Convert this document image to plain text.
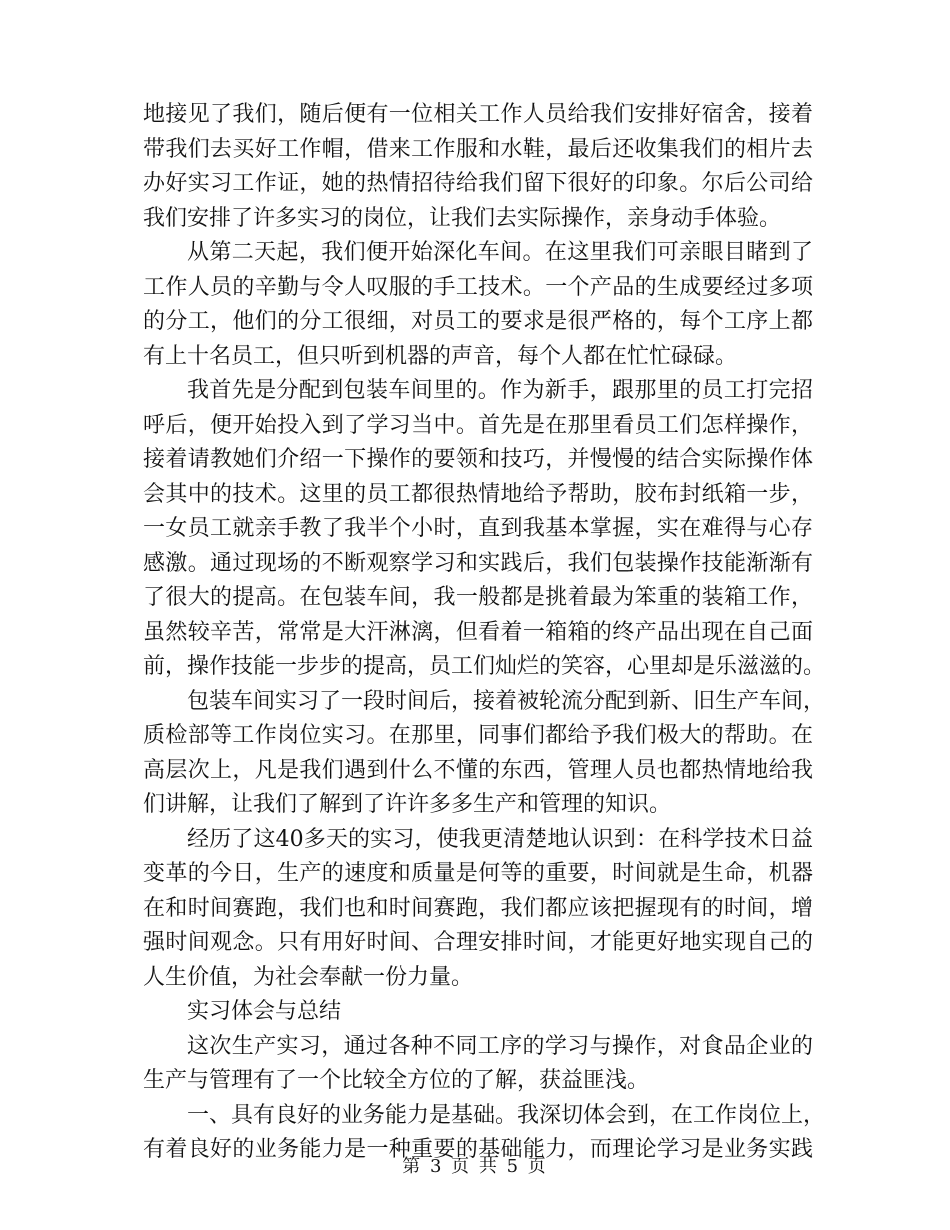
地接见了我们，随后便有一位相关工作人员给我们安排好宿舍，接着
带我们去买好工作帽，借来工作服和水鞋，最后还收集我们的相片去
办好实习工作证，她的热情招待给我们留下很好的印象。尔后公司给
我们安排了许多实习的岗位，让我们去实际操作，亲身动手体验。
从第二天起，我们便开始深化车间。在这里我们可亲眼目睹到了
工作人员的辛勤与令人叹服的手工技术。一个产品的生成要经过多项
的分工，他们的分工很细，对员工的要求是很严格的，每个工序上都
有上十名员工，但只听到机器的声音，每个人都在忙忙碌碌。
我首先是分配到包装车间里的。作为新手，跟那里的员工打完招
呼后，便开始投入到了学习当中。首先是在那里看员工们怎样操作，
接着请教她们介绍一下操作的要领和技巧，并慢慢的结合实际操作体
会其中的技术。这里的员工都很热情地给予帮助，胶布封纸箱一步，
一女员工就亲手教了我半个小时，直到我基本掌握，实在难得与心存
感激。通过现场的不断观察学习和实践后，我们包装操作技能渐渐有
了很大的提高。在包装车间，我一般都是挑着最为笨重的装箱工作，
虽然较辛苦，常常是大汗淋漓，但看着一箱箱的终产品出现在自己面
前，操作技能一步步的提高，员工们灿烂的笑容，心里却是乐滋滋的。
包装车间实习了一段时间后，接着被轮流分配到新、旧生产车间，
质检部等工作岗位实习。在那里，同事们都给予我们极大的帮助。在
高层次上，凡是我们遇到什么不懂的东西，管理人员也都热情地给我
们讲解，让我们了解到了许许多多生产和管理的知识。
经历了这40多天的实习，使我更清楚地认识到：在科学技术日益
变革的今日，生产的速度和质量是何等的重要，时间就是生命，机器
在和时间赛跑，我们也和时间赛跑，我们都应该把握现有的时间，增
强时间观念。只有用好时间、合理安排时间，才能更好地实现自己的
人生价值，为社会奉献一份力量。
实习体会与总结
这次生产实习，通过各种不同工序的学习与操作，对食品企业的
生产与管理有了一个比较全方位的了解，获益匪浅。
一、具有良好的业务能力是基础。我深切体会到，在工作岗位上，
有着良好的业务能力是一种重要的基础能力，而理论学习是业务实践
第 3 页 共 5 页
